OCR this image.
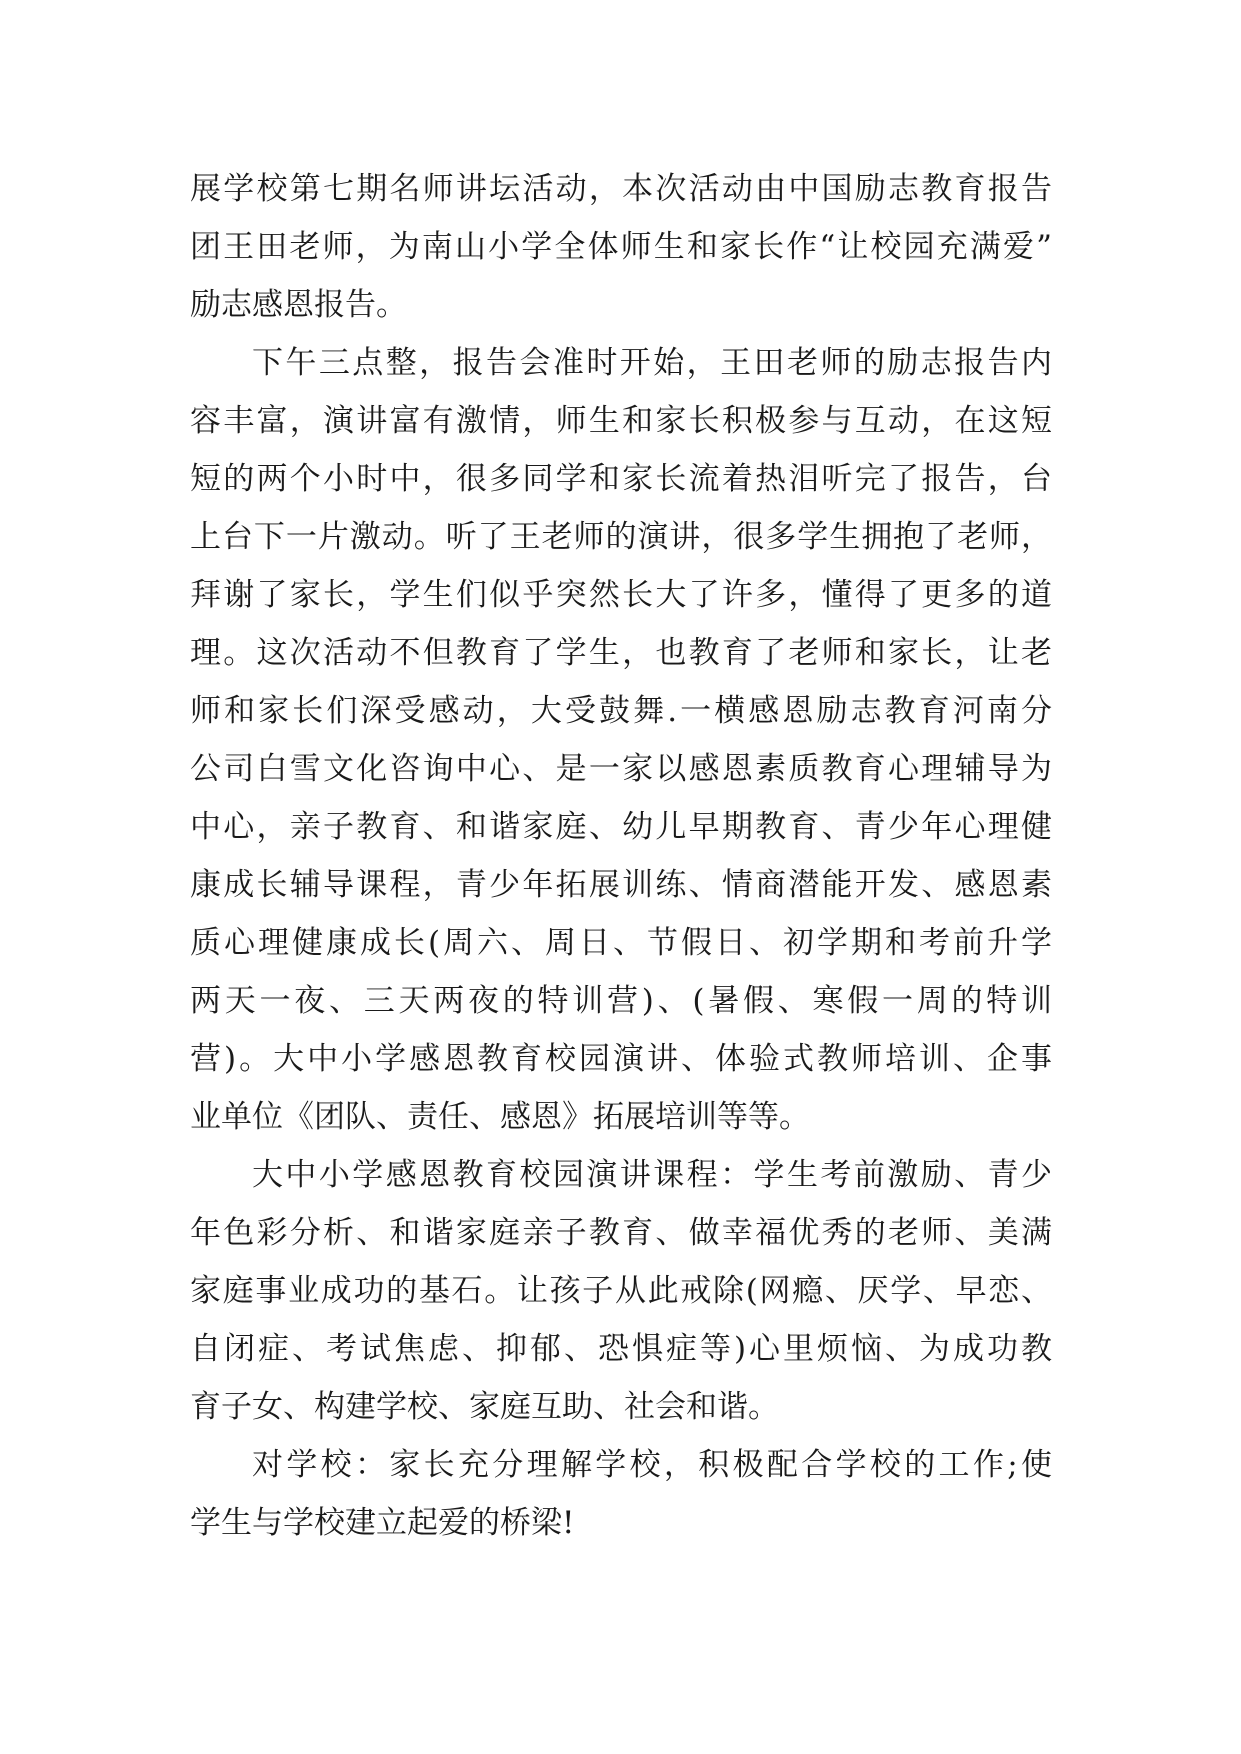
展学校第七期名师讲坛活动，本次活动由中国励志教育报告
团王田老师，为南山小学全体师生和家长作“让校园充满爱”
励志感恩报告。
下午三点整，报告会准时开始，王田老师的励志报告内
容丰富，演讲富有激情，师生和家长积极参与互动，在这短
短的两个小时中，很多同学和家长流着热泪听完了报告，台
上台下一片激动。听了王老师的演讲，很多学生拥抱了老师，
拜谢了家长，学生们似乎突然长大了许多，懂得了更多的道
理。这次活动不但教育了学生，也教育了老师和家长，让老
师和家长们深受感动，大受鼓舞.一横感恩励志教育河南分
公司白雪文化咨询中心、是一家以感恩素质教育心理辅导为
中心，亲子教育、和谐家庭、幼儿早期教育、青少年心理健
康成长辅导课程，青少年拓展训练、情商潜能开发、感恩素
质心理健康成长(周六、周日、节假日、初学期和考前升学
两天一夜、三天两夜的特训营)、(暑假、寒假一周的特训
营)。大中小学感恩教育校园演讲、体验式教师培训、企事
业单位《团队、责任、感恩》拓展培训等等。
大中小学感恩教育校园演讲课程：学生考前激励、青少
年色彩分析、和谐家庭亲子教育、做幸福优秀的老师、美满
家庭事业成功的基石。让孩子从此戒除(网瘾、厌学、早恋、
自闭症、考试焦虑、抑郁、恐惧症等)心里烦恼、为成功教
育子女、构建学校、家庭互助、社会和谐。
对学校：家长充分理解学校，积极配合学校的工作;使
学生与学校建立起爱的桥梁!
